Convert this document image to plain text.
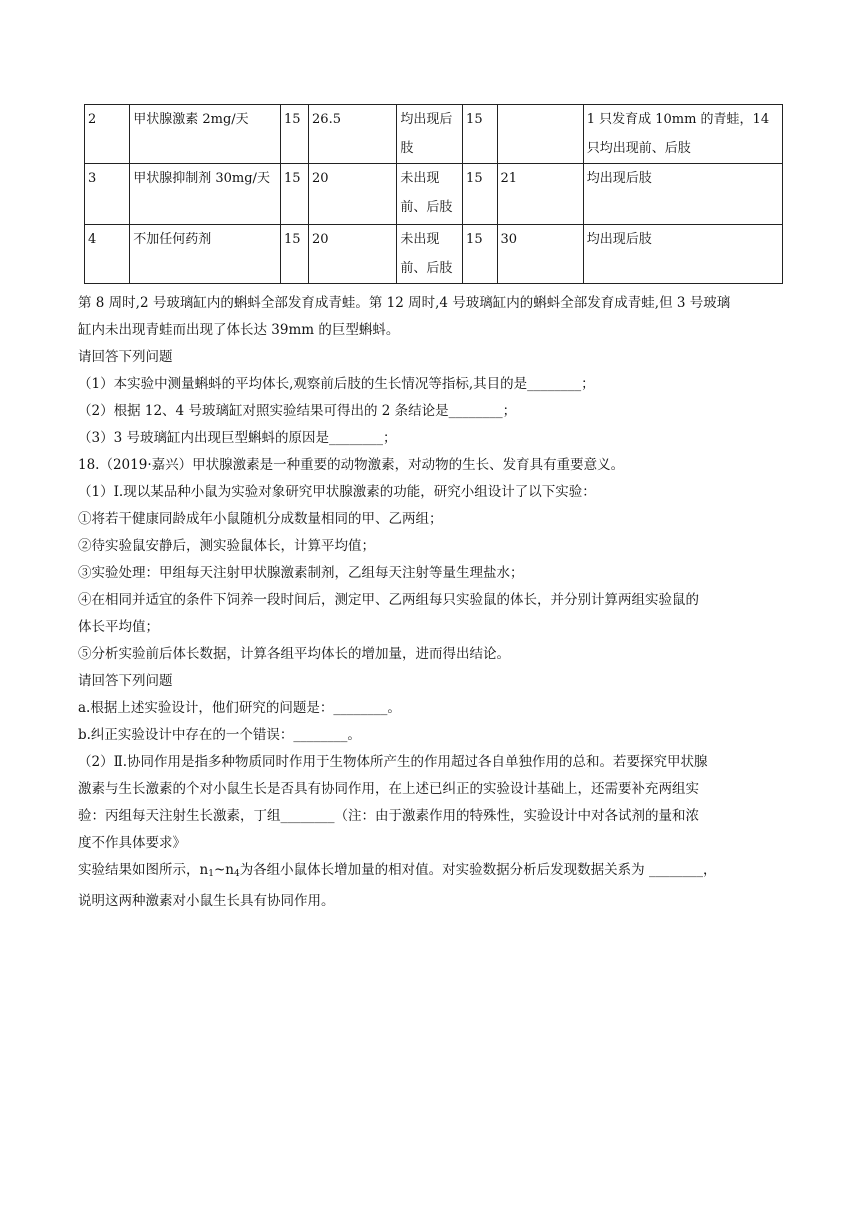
2	甲状腺激素 2mg/天	15	26.5	均出现后肢	15		1 只发育成 10mm 的青蛙，14 只均出现前、后肢
3	甲状腺抑制剂 30mg/天	15	20	未出现前、后肢	15	21	均出现后肢
4	不加任何药剂	15	20	未出现前、后肢	15	30	均出现后肢
第 8 周时,2 号玻璃缸内的蝌蚪全部发育成青蛙。第 12 周时,4 号玻璃缸内的蝌蚪全部发育成青蛙,但 3 号玻璃
缸内未出现青蛙而出现了体长达 39mm 的巨型蝌蚪。
请回答下列问题
（1）本实验中测量蝌蚪的平均体长,观察前后肢的生长情况等指标,其目的是________；
（2）根据 12、4 号玻璃缸对照实验结果可得出的 2 条结论是________；
（3）3 号玻璃缸内出现巨型蝌蚪的原因是________；
18.（2019·嘉兴）甲状腺激素是一种重要的动物激素，对动物的生长、发育具有重要意义。
（1）Ⅰ.现以某品种小鼠为实验对象研究甲状腺激素的功能，研究小组设计了以下实验：
①将若干健康同龄成年小鼠随机分成数量相同的甲、乙两组；
②待实验鼠安静后，测实验鼠体长，计算平均值；
③实验处理：甲组每天注射甲状腺激素制剂，乙组每天注射等量生理盐水；
④在相同并适宜的条件下饲养一段时间后，测定甲、乙两组每只实验鼠的体长，并分别计算两组实验鼠的
体长平均值；
⑤分析实验前后体长数据，计算各组平均体长的增加量，进而得出结论。
请回答下列问题
a.根据上述实验设计，他们研究的问题是：________。
b.纠正实验设计中存在的一个错误：________。
（2）Ⅱ.协同作用是指多种物质同时作用于生物体所产生的作用超过各自单独作用的总和。若要探究甲状腺
激素与生长激素的个对小鼠生长是否具有协同作用，在上述已纠正的实验设计基础上，还需要补充两组实
验：丙组每天注射生长激素，丁组________（注：由于激素作用的特殊性，实验设计中对各试剂的量和浓
度不作具体要求》
实验结果如图所示，$n_1\sim n_4$为各组小鼠体长增加量的相对值。对实验数据分析后发现数据关系为 ________，
说明这两种激素对小鼠生长具有协同作用。
